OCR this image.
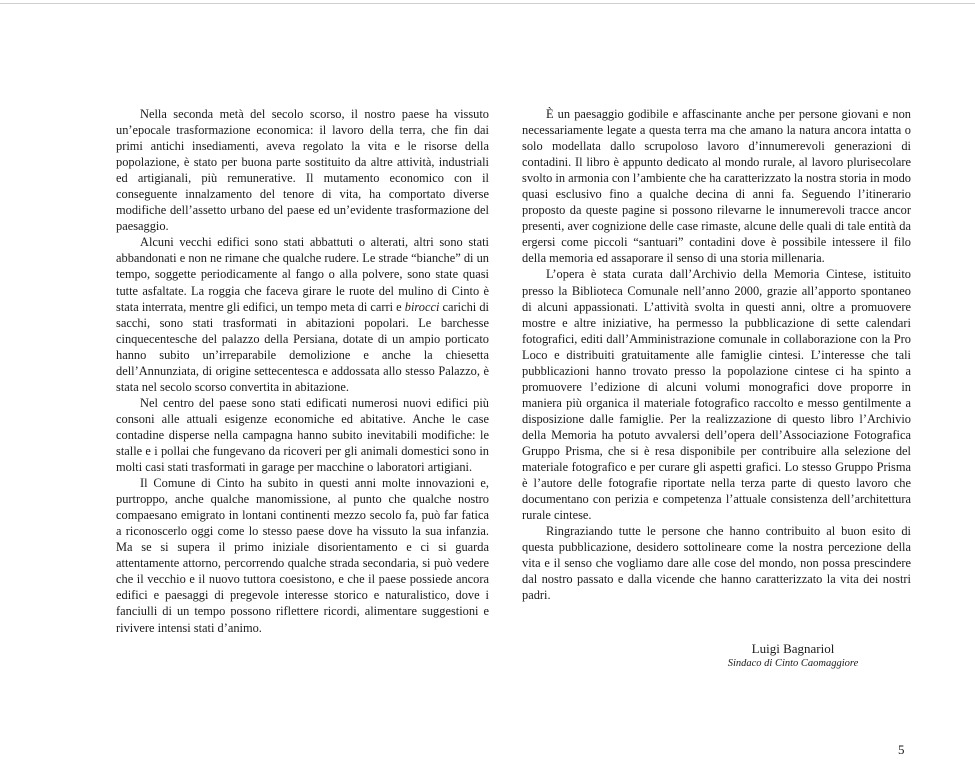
Nella seconda metà del secolo scorso, il nostro paese ha vissuto un’epocale trasformazione economica: il lavoro della terra, che fin dai primi antichi insediamenti, aveva regolato la vita e le risorse della popolazione, è stato per buona parte sostituito da altre attività, industriali ed artigianali, più remunerative. Il mutamento economico con il conseguente innalzamento del tenore di vita, ha comportato diverse modifiche dell’assetto urbano del paese ed un’evidente trasformazione del paesaggio.

Alcuni vecchi edifici sono stati abbattuti o alterati, altri sono stati abbandonati e non ne rimane che qualche rudere. Le strade “bianche” di un tempo, soggette periodicamente al fango o alla polvere, sono state quasi tutte asfaltate. La roggia che faceva girare le ruote del mulino di Cinto è stata interrata, mentre gli edifici, un tempo meta di carri e birocci carichi di sacchi, sono stati trasformati in abitazioni popolari. Le barchesse cinquecentesche del palazzo della Persiana, dotate di un ampio porticato hanno subito un’irreparabile demolizione e anche la chiesetta dell’Annunziata, di origine settecentesca e addossata allo stesso Palazzo, è stata nel secolo scorso convertita in abitazione.

Nel centro del paese sono stati edificati numerosi nuovi edifici più consoni alle attuali esigenze economiche ed abitative. Anche le case contadine disperse nella campagna hanno subito inevitabili modifiche: le stalle e i pollai che fungevano da ricoveri per gli animali domestici sono in molti casi stati trasformati in garage per macchine o laboratori artigiani.

Il Comune di Cinto ha subito in questi anni molte innovazioni e, purtroppo, anche qualche manomissione, al punto che qualche nostro compaesano emigrato in lontani continenti mezzo secolo fa, può far fatica a riconoscerlo oggi come lo stesso paese dove ha vissuto la sua infanzia. Ma se si supera il primo iniziale disorientamento e ci si guarda attentamente attorno, percorrendo qualche strada secondaria, si può vedere che il vecchio e il nuovo tuttora coesistono, e che il paese possiede ancora edifici e paesaggi di pregevole interesse storico e naturalistico, dove i fanciulli di un tempo possono riflettere ricordi, alimentare suggestioni e rivivere intensi stati d’animo.

È un paesaggio godibile e affascinante anche per persone giovani e non necessariamente legate a questa terra ma che amano la natura ancora intatta o solo modellata dallo scrupoloso lavoro d’innumerevoli generazioni di contadini. Il libro è appunto dedicato al mondo rurale, al lavoro plurisecolare svolto in armonia con l’ambiente che ha caratterizzato la nostra storia in modo quasi esclusivo fino a qualche decina di anni fa. Seguendo l’itinerario proposto da queste pagine si possono rilevarne le innumerevoli tracce ancor presenti, aver cognizione delle case rimaste, alcune delle quali di tale entità da ergersi come piccoli “santuari” contadini dove è possibile intessere il filo della memoria ed assaporare il senso di una storia millenaria.

L’opera è stata curata dall’Archivio della Memoria Cintese, istituito presso la Biblioteca Comunale nell’anno 2000, grazie all’apporto spontaneo di alcuni appassionati. L’attività svolta in questi anni, oltre a promuovere mostre e altre iniziative, ha permesso la pubblicazione di sette calendari fotografici, editi dall’Amministrazione comunale in collaborazione con la Pro Loco e distribuiti gratuitamente alle famiglie cintesi. L’interesse che tali pubblicazioni hanno trovato presso la popolazione cintese ci ha spinto a promuovere l’edizione di alcuni volumi monografici dove proporre in maniera più organica il materiale fotografico raccolto e messo gentilmente a disposizione dalle famiglie. Per la realizzazione di questo libro l’Archivio della Memoria ha potuto avvalersi dell’opera dell’Associazione Fotografica Gruppo Prisma, che si è resa disponibile per contribuire alla selezione del materiale fotografico e per curare gli aspetti grafici. Lo stesso Gruppo Prisma è l’autore delle fotografie riportate nella terza parte di questo lavoro che documentano con perizia e competenza l’attuale consistenza dell’architettura rurale cintese.

Ringraziando tutte le persone che hanno contribuito al buon esito di questa pubblicazione, desidero sottolineare come la nostra percezione della vita e il senso che vogliamo dare alle cose del mondo, non possa prescindere dal nostro passato e dalla vicende che hanno caratterizzato la vita dei nostri padri.

Luigi Bagnariol
Sindaco di Cinto Caomaggiore
5
